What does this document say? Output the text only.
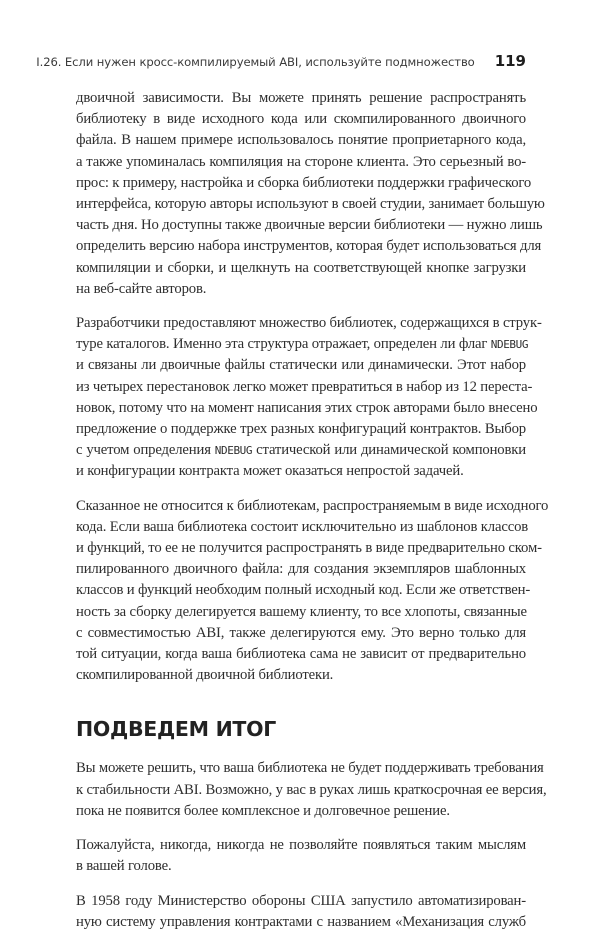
I.26. Если нужен кросс-компилируемый ABI, используйте подмножество 119

двоичной зависимости. Вы можете принять решение распространять
библиотеку в виде исходного кода или скомпилированного двоичного
файла. В нашем примере использовалось понятие проприетарного кода,
а также упоминалась компиляция на стороне клиента. Это серьезный во-
прос: к примеру, настройка и сборка библиотеки поддержки графического
интерфейса, которую авторы используют в своей студии, занимает большую
часть дня. Но доступны также двоичные версии библиотеки — нужно лишь
определить версию набора инструментов, которая будет использоваться для
компиляции и сборки, и щелкнуть на соответствующей кнопке загрузки
на веб-сайте авторов.

Разработчики предоставляют множество библиотек, содержащихся в струк-
туре каталогов. Именно эта структура отражает, определен ли флаг NDEBUG
и связаны ли двоичные файлы статически или динамически. Этот набор
из четырех перестановок легко может превратиться в набор из 12 переста-
новок, потому что на момент написания этих строк авторами было внесено
предложение о поддержке трех разных конфигураций контрактов. Выбор
с учетом определения NDEBUG статической или динамической компоновки
и конфигурации контракта может оказаться непростой задачей.

Сказанное не относится к библиотекам, распространяемым в виде исходного
кода. Если ваша библиотека состоит исключительно из шаблонов классов
и функций, то ее не получится распространять в виде предварительно ском-
пилированного двоичного файла: для создания экземпляров шаблонных
классов и функций необходим полный исходный код. Если же ответствен-
ность за сборку делегируется вашему клиенту, то все хлопоты, связанные
с совместимостью ABI, также делегируются ему. Это верно только для
той ситуации, когда ваша библиотека сама не зависит от предварительно
скомпилированной двоичной библиотеки.

ПОДВЕДЕМ ИТОГ

Вы можете решить, что ваша библиотека не будет поддерживать требования
к стабильности ABI. Возможно, у вас в руках лишь краткосрочная ее версия,
пока не появится более комплексное и долговечное решение.

Пожалуйста, никогда, никогда не позволяйте появляться таким мыслям
в вашей голове.

В 1958 году Министерство обороны США запустило автоматизирован-
ную систему управления контрактами с названием «Механизация служб
